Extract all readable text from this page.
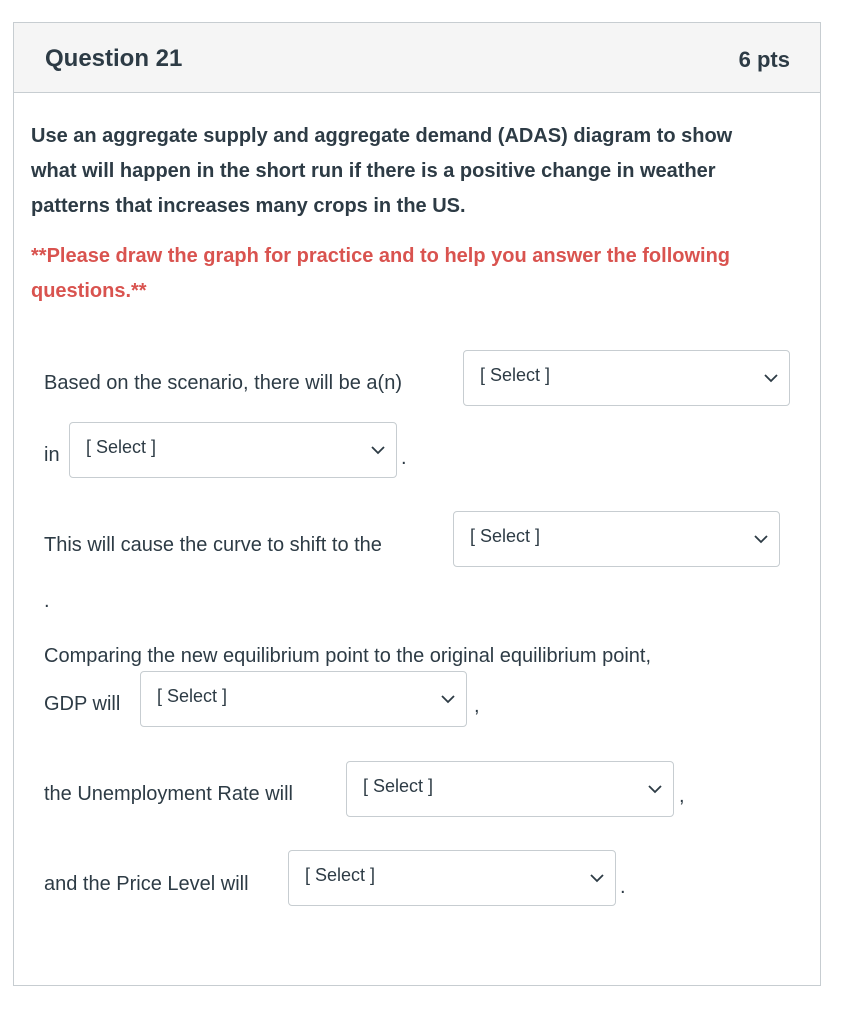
Question 21	6 pts
Use an aggregate supply and aggregate demand (ADAS) diagram to show what will happen in the short run if there is a positive change in weather patterns that increases many crops in the US.
**Please draw the graph for practice and to help you answer the following questions.**
Based on the scenario, there will be a(n)	[ Select ]
in [ Select ]	.
This will cause the curve to shift to the	[ Select ]
.
Comparing the new equilibrium point to the original equilibrium point,
GDP will [ Select ]	,
the Unemployment Rate will	[ Select ]	,
and the Price Level will	[ Select ]
.
